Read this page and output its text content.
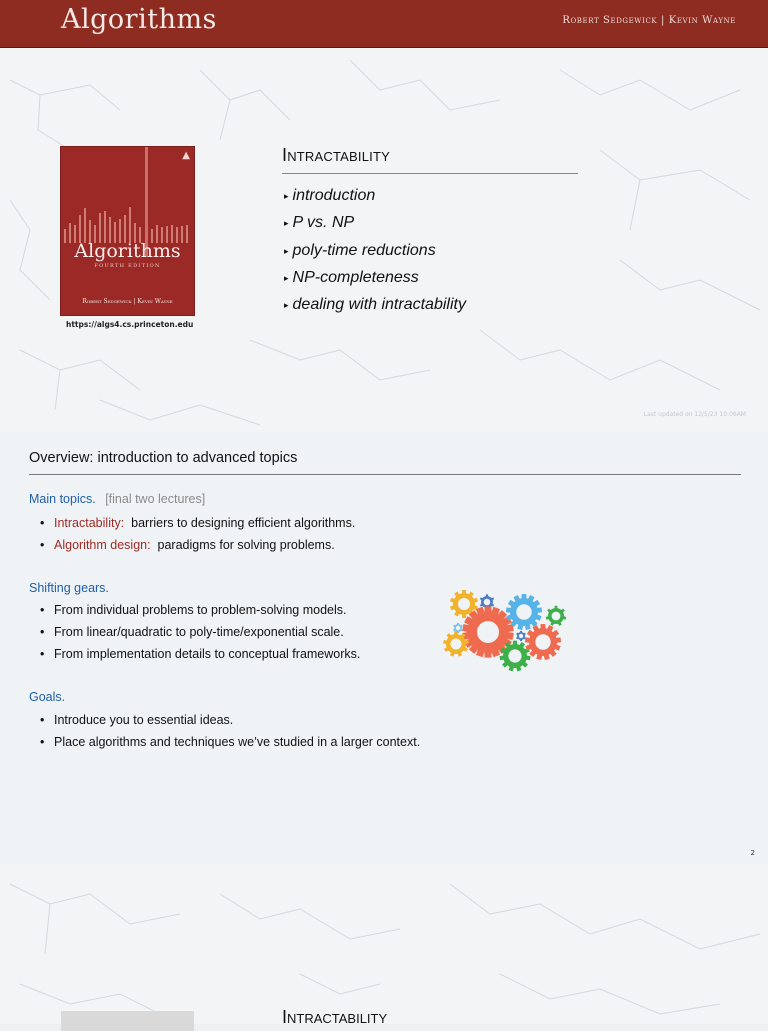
Algorithms	Robert Sedgewick | Kevin Wayne
▲
Algorithms
FOURTH EDITION
Robert Sedgewick | Kevin Wayne
https://algs4.cs.princeton.edu
Intractability
▸ introduction
▸ P vs. NP
▸ poly-time reductions
▸ NP-completeness
▸ dealing with intractability
Last updated on 12/5/23 10:06AM
Overview: introduction to advanced topics
Main topics. [final two lectures]
• Intractability: barriers to designing efficient algorithms.
• Algorithm design: paradigms for solving problems.
Shifting gears.
• From individual problems to problem-solving models.
• From linear/quadratic to poly-time/exponential scale.
• From implementation details to conceptual frameworks.
Goals.
• Introduce you to essential ideas.
• Place algorithms and techniques we’ve studied in a larger context.
2
Intractability
